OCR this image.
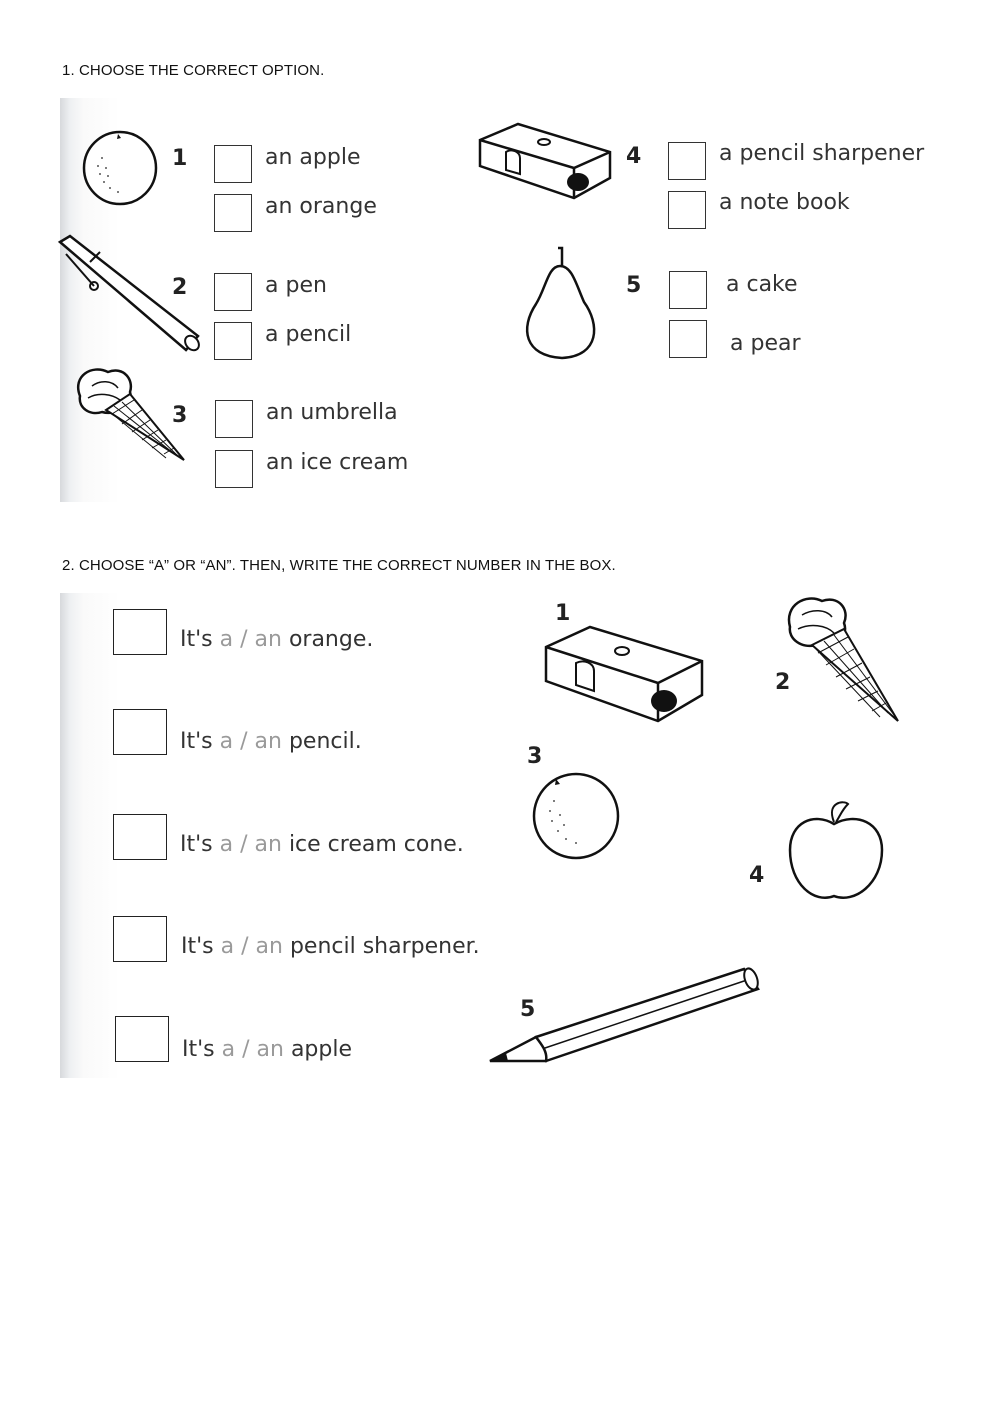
1. CHOOSE THE CORRECT OPTION.
1	an apple
an orange
2	a pen
a pencil
3	an umbrella
an ice cream
4	a pencil sharpener
a note book
5	a cake
a pear
2. CHOOSE “A” OR “AN”. THEN, WRITE THE CORRECT NUMBER IN THE BOX.
It's a / an orange.
It's a / an pencil.
It's a / an ice cream cone.
It's a / an pencil sharpener.
It's a / an apple
1
2
3
4
5
